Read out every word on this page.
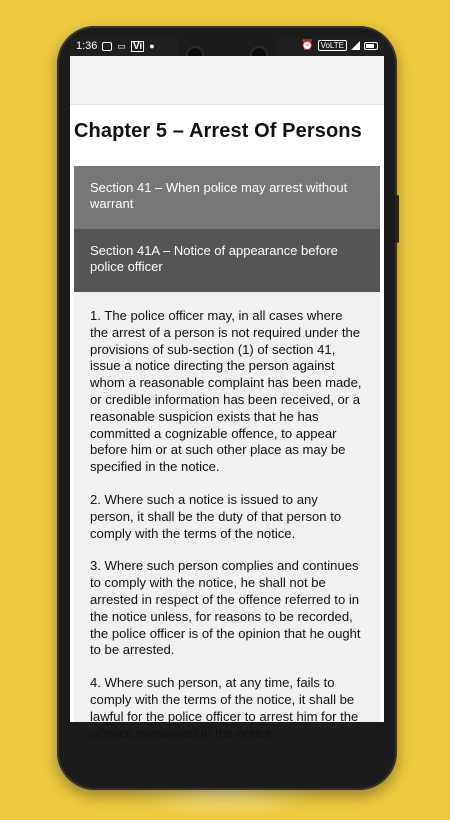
1:36 ▭ Vi ●	⏰ VoLTE
Chapter 5 – Arrest Of Persons
Section 41 – When police may arrest without warrant
Section 41A – Notice of appearance before police officer

1. The police officer may, in all cases where the arrest of a person is not required under the provisions of sub-section (1) of section 41, issue a notice directing the person against whom a reasonable complaint has been made, or credible information has been received, or a reasonable suspicion exists that he has committed a cognizable offence, to appear before him or at such other place as may be specified in the notice.

2. Where such a notice is issued to any person, it shall be the duty of that person to comply with the terms of the notice.

3. Where such person complies and continues to comply with the notice, he shall not be arrested in respect of the offence referred to in the notice unless, for reasons to be recorded, the police officer is of the opinion that he ought to be arrested.

4. Where such person, at any time, fails to comply with the terms of the notice, it shall be lawful for the police officer to arrest him for the offence mentioned in the notice.
